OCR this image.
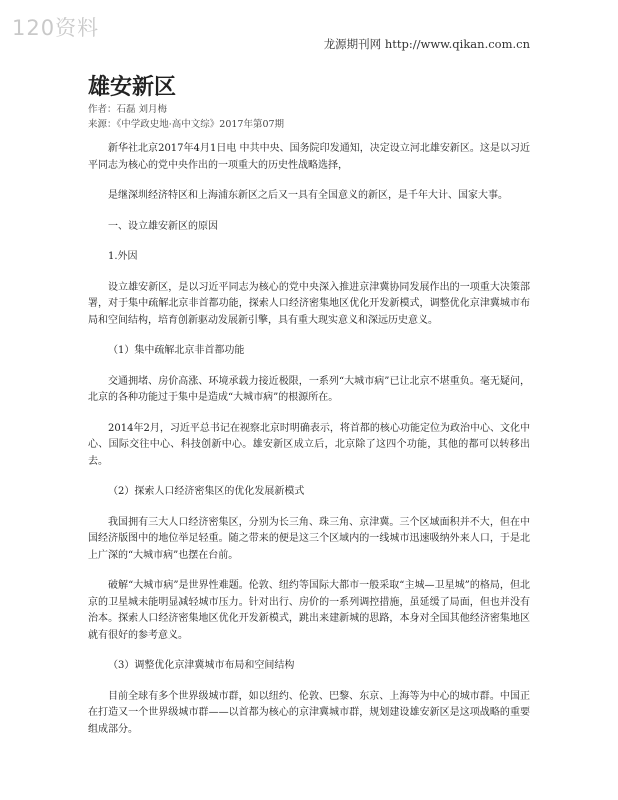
120资料
龙源期刊网 http://www.qikan.com.cn
雄安新区
作者：石磊 刘月梅
来源：《中学政史地·高中文综》2017年第07期

新华社北京2017年4月1日电 中共中央、国务院印发通知，决定设立河北雄安新区。这是以习近平同志为核心的党中央作出的一项重大的历史性战略选择，

是继深圳经济特区和上海浦东新区之后又一具有全国意义的新区，是千年大计、国家大事。

一、设立雄安新区的原因

1.外因

设立雄安新区，是以习近平同志为核心的党中央深入推进京津冀协同发展作出的一项重大决策部署，对于集中疏解北京非首都功能，探索人口经济密集地区优化开发新模式，调整优化京津冀城市布局和空间结构，培育创新驱动发展新引擎，具有重大现实意义和深远历史意义。

（1）集中疏解北京非首都功能

交通拥堵、房价高涨、环境承载力接近极限，一系列“大城市病”已让北京不堪重负。毫无疑问，北京的各种功能过于集中是造成“大城市病”的根源所在。

2014年2月，习近平总书记在视察北京时明确表示，将首都的核心功能定位为政治中心、文化中心、国际交往中心、科技创新中心。雄安新区成立后，北京除了这四个功能，其他的都可以转移出去。

（2）探索人口经济密集区的优化发展新模式

我国拥有三大人口经济密集区，分别为长三角、珠三角、京津冀。三个区域面积并不大，但在中国经济版图中的地位举足轻重。随之带来的便是这三个区域内的一线城市迅速吸纳外来人口，于是北上广深的“大城市病”也摆在台前。

破解“大城市病”是世界性难题。伦敦、纽约等国际大都市一般采取“主城—卫星城”的格局，但北京的卫星城未能明显减轻城市压力。针对出行、房价的一系列调控措施，虽延缓了局面，但也并没有治本。探索人口经济密集地区优化开发新模式，跳出来建新城的思路，本身对全国其他经济密集地区就有很好的参考意义。

（3）调整优化京津冀城市布局和空间结构

目前全球有多个世界级城市群，如以纽约、伦敦、巴黎、东京、上海等为中心的城市群。中国正在打造又一个世界级城市群——以首都为核心的京津冀城市群，规划建设雄安新区是这项战略的重要组成部分。
